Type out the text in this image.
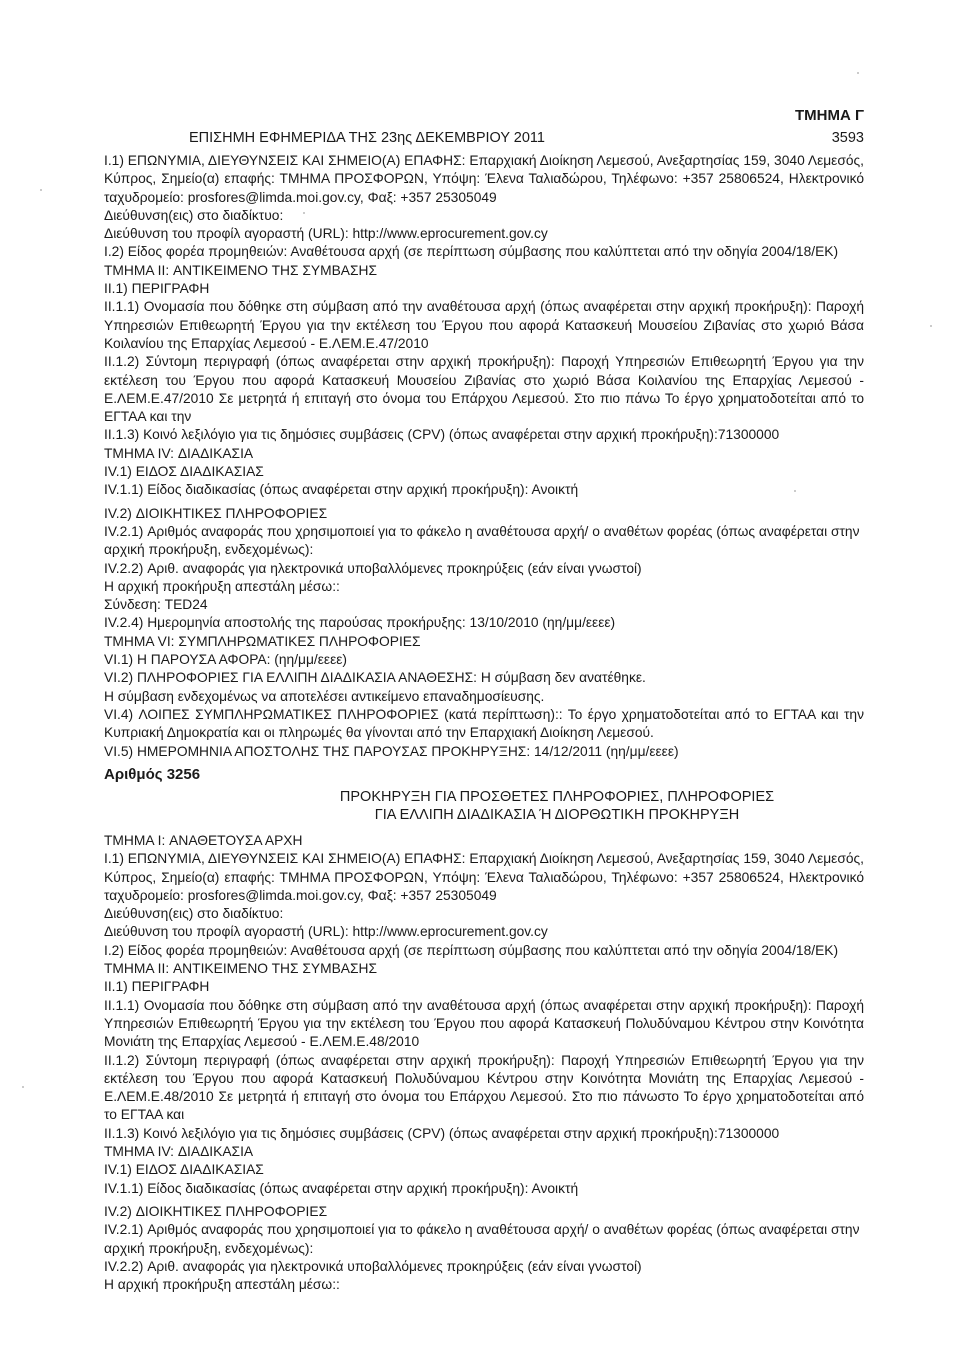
ΤΜΗΜΑ Γ
ΕΠΙΣΗΜΗ ΕΦΗΜΕΡΙΔΑ ΤΗΣ 23ης ΔΕΚΕΜΒΡΙΟΥ 2011	3593

I.1) ΕΠΩΝΥΜΙΑ, ΔΙΕΥΘΥΝΣΕΙΣ ΚΑΙ ΣΗΜΕΙΟ(Α) ΕΠΑΦΗΣ: Επαρχιακή Διοίκηση Λεμεσού, Ανεξαρτησίας 159, 3040 Λεμεσός, Κύπρος, Σημείο(α) επαφής: ΤΜΗΜΑ ΠΡΟΣΦΟΡΩΝ, Υπόψη: Έλενα Ταλιαδώρου, Τηλέφωνο: +357 25806524, Ηλεκτρονικό ταχυδρομείο: prosfores@limda.moi.gov.cy, Φαξ: +357 25305049

Διεύθυνση(εις) στο διαδίκτυο:

Διεύθυνση του προφίλ αγοραστή (URL): http://www.eprocurement.gov.cy

I.2) Είδος φορέα προμηθειών: Αναθέτουσα αρχή (σε περίπτωση σύμβασης που καλύπτεται από την οδηγία 2004/18/ΕΚ)

ΤΜΗΜΑ II: ΑΝΤΙΚΕΙΜΕΝΟ ΤΗΣ ΣΥΜΒΑΣΗΣ

II.1) ΠΕΡΙΓΡΑΦΗ

II.1.1) Ονομασία που δόθηκε στη σύμβαση από την αναθέτουσα αρχή (όπως αναφέρεται στην αρχική προκήρυξη): Παροχή Υπηρεσιών Επιθεωρητή Έργου για την εκτέλεση του Έργου που αφορά Κατασκευή Μουσείου Ζιβανίας στο χωριό Βάσα Κοιλανίου της Επαρχίας Λεμεσού - Ε.ΛΕΜ.Ε.47/2010

II.1.2) Σύντομη περιγραφή (όπως αναφέρεται στην αρχική προκήρυξη): Παροχή Υπηρεσιών Επιθεωρητή Έργου για την εκτέλεση του Έργου που αφορά Κατασκευή Μουσείου Ζιβανίας στο χωριό Βάσα Κοιλανίου της Επαρχίας Λεμεσού - Ε.ΛΕΜ.Ε.47/2010 Σε μετρητά ή επιταγή στο όνομα του Επάρχου Λεμεσού. Στο πιο πάνω Το έργο χρηματοδοτείται από το ΕΓΤΑΑ και την

II.1.3) Κοινό λεξιλόγιο για τις δημόσιες συμβάσεις (CPV) (όπως αναφέρεται στην αρχική προκήρυξη):71300000

ΤΜΗΜΑ IV: ΔΙΑΔΙΚΑΣΙΑ

IV.1) ΕΙΔΟΣ ΔΙΑΔΙΚΑΣΙΑΣ

IV.1.1) Είδος διαδικασίας (όπως αναφέρεται στην αρχική προκήρυξη): Ανοικτή

IV.2) ΔΙΟΙΚΗΤΙΚΕΣ ΠΛΗΡΟΦΟΡΙΕΣ

IV.2.1) Αριθμός αναφοράς που χρησιμοποιεί για το φάκελο η αναθέτουσα αρχή/ ο αναθέτων φορέας (όπως αναφέρεται στην αρχική προκήρυξη, ενδεχομένως):

IV.2.2) Αριθ. αναφοράς για ηλεκτρονικά υποβαλλόμενες προκηρύξεις (εάν είναι γνωστοί)

Η αρχική προκήρυξη απεστάλη μέσω::

Σύνδεση: TED24

IV.2.4) Ημερομηνία αποστολής της παρούσας προκήρυξης: 13/10/2010 (ηη/μμ/εεεε)

ΤΜΗΜΑ VI: ΣΥΜΠΛΗΡΩΜΑΤΙΚΕΣ ΠΛΗΡΟΦΟΡΙΕΣ

VI.1) Η ΠΑΡΟΥΣΑ ΑΦΟΡΑ: (ηη/μμ/εεεε)

VI.2) ΠΛΗΡΟΦΟΡΙΕΣ ΓΙΑ ΕΛΛΙΠΗ ΔΙΑΔΙΚΑΣΙΑ ΑΝΑΘΕΣΗΣ: Η σύμβαση δεν ανατέθηκε.

Η σύμβαση ενδεχομένως να αποτελέσει αντικείμενο επαναδημοσίευσης.

VI.4) ΛΟΙΠΕΣ ΣΥΜΠΛΗΡΩΜΑΤΙΚΕΣ ΠΛΗΡΟΦΟΡΙΕΣ (κατά περίπτωση):: Το έργο χρηματοδοτείται από το ΕΓΤΑΑ και την Κυπριακή Δημοκρατία και οι πληρωμές θα γίνονται από την Επαρχιακή Διοίκηση Λεμεσού.

VI.5) ΗΜΕΡΟΜΗΝΙΑ ΑΠΟΣΤΟΛΗΣ ΤΗΣ ΠΑΡΟΥΣΑΣ ΠΡΟΚΗΡΥΞΗΣ: 14/12/2011 (ηη/μμ/εεεε)

Αριθμός 3256

ΠΡΟΚΗΡΥΞΗ ΓΙΑ ΠΡΟΣΘΕΤΕΣ ΠΛΗΡΟΦΟΡΙΕΣ, ΠΛΗΡΟΦΟΡΙΕΣ

ΓΙΑ ΕΛΛΙΠΗ ΔΙΑΔΙΚΑΣΙΑ Ή ΔΙΟΡΘΩΤΙΚΗ ΠΡΟΚΗΡΥΞΗ

ΤΜΗΜΑ I: ΑΝΑΘΕΤΟΥΣΑ ΑΡΧΗ

I.1) ΕΠΩΝΥΜΙΑ, ΔΙΕΥΘΥΝΣΕΙΣ ΚΑΙ ΣΗΜΕΙΟ(Α) ΕΠΑΦΗΣ: Επαρχιακή Διοίκηση Λεμεσού, Ανεξαρτησίας 159, 3040 Λεμεσός, Κύπρος, Σημείο(α) επαφής: ΤΜΗΜΑ ΠΡΟΣΦΟΡΩΝ, Υπόψη: Έλενα Ταλιαδώρου, Τηλέφωνο: +357 25806524, Ηλεκτρονικό ταχυδρομείο: prosfores@limda.moi.gov.cy, Φαξ: +357 25305049

Διεύθυνση(εις) στο διαδίκτυο:

Διεύθυνση του προφίλ αγοραστή (URL): http://www.eprocurement.gov.cy

I.2) Είδος φορέα προμηθειών: Αναθέτουσα αρχή (σε περίπτωση σύμβασης που καλύπτεται από την οδηγία 2004/18/ΕΚ)

ΤΜΗΜΑ II: ΑΝΤΙΚΕΙΜΕΝΟ ΤΗΣ ΣΥΜΒΑΣΗΣ

II.1) ΠΕΡΙΓΡΑΦΗ

II.1.1) Ονομασία που δόθηκε στη σύμβαση από την αναθέτουσα αρχή (όπως αναφέρεται στην αρχική προκήρυξη): Παροχή Υπηρεσιών Επιθεωρητή Έργου για την εκτέλεση του Έργου που αφορά Κατασκευή Πολυδύναμου Κέντρου στην Κοινότητα Μονιάτη της Επαρχίας Λεμεσού - Ε.ΛΕΜ.Ε.48/2010

II.1.2) Σύντομη περιγραφή (όπως αναφέρεται στην αρχική προκήρυξη): Παροχή Υπηρεσιών Επιθεωρητή Έργου για την εκτέλεση του Έργου που αφορά Κατασκευή Πολυδύναμου Κέντρου στην Κοινότητα Μονιάτη της Επαρχίας Λεμεσού - Ε.ΛΕΜ.Ε.48/2010 Σε μετρητά ή επιταγή στο όνομα του Επάρχου Λεμεσού. Στο πιο πάνωστο Το έργο χρηματοδοτείται από το ΕΓΤΑΑ και

II.1.3) Κοινό λεξιλόγιο για τις δημόσιες συμβάσεις (CPV) (όπως αναφέρεται στην αρχική προκήρυξη):71300000

ΤΜΗΜΑ IV: ΔΙΑΔΙΚΑΣΙΑ

IV.1) ΕΙΔΟΣ ΔΙΑΔΙΚΑΣΙΑΣ

IV.1.1) Είδος διαδικασίας (όπως αναφέρεται στην αρχική προκήρυξη): Ανοικτή

IV.2) ΔΙΟΙΚΗΤΙΚΕΣ ΠΛΗΡΟΦΟΡΙΕΣ

IV.2.1) Αριθμός αναφοράς που χρησιμοποιεί για το φάκελο η αναθέτουσα αρχή/ ο αναθέτων φορέας (όπως αναφέρεται στην αρχική προκήρυξη, ενδεχομένως):

IV.2.2) Αριθ. αναφοράς για ηλεκτρονικά υποβαλλόμενες προκηρύξεις (εάν είναι γνωστοί)

Η αρχική προκήρυξη απεστάλη μέσω::
